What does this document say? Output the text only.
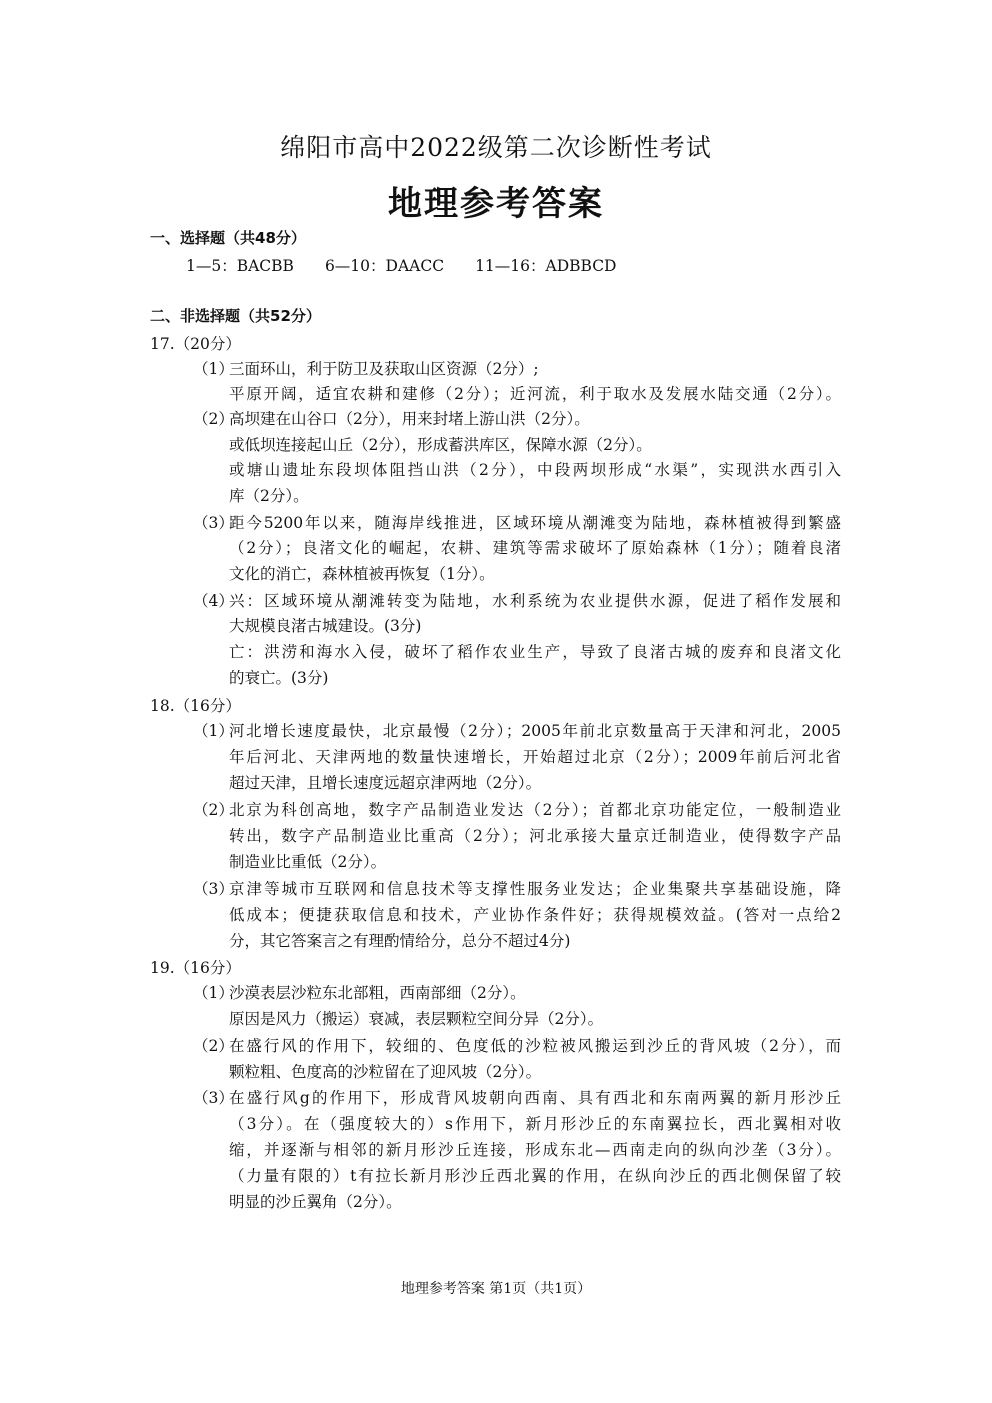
绵阳市高中2022级第二次诊断性考试
地理参考答案
一、选择题（共48分）
1—5：BACBB　　6—10：DAACC　　11—16：ADBBCD
二、非选择题（共52分）
17.（20分）
（1）
三面环山，利于防卫及获取山区资源（2分）;
平原开阔，适宜农耕和建修（2分）；近河流，利于取水及发展水陆交通（2分）。
（2）
高坝建在山谷口（2分），用来封堵上游山洪（2分）。
或低坝连接起山丘（2分），形成蓄洪库区，保障水源（2分）。
或塘山遗址东段坝体阻挡山洪（2分），中段两坝形成“水渠”，实现洪水西引入
库（2分）。
（3）
距今5200年以来，随海岸线推进，区域环境从潮滩变为陆地，森林植被得到繁盛
（2分）；良渚文化的崛起，农耕、建筑等需求破坏了原始森林（1分）；随着良渚
文化的消亡，森林植被再恢复（1分）。
（4）
兴：区域环境从潮滩转变为陆地，水利系统为农业提供水源，促进了稻作发展和
大规模良渚古城建设。(3分)
亡：洪涝和海水入侵，破坏了稻作农业生产，导致了良渚古城的废弃和良渚文化
的衰亡。(3分)
18.（16分）
（1）
河北增长速度最快，北京最慢（2分）；2005年前北京数量高于天津和河北，2005
年后河北、天津两地的数量快速增长，开始超过北京（2分）；2009年前后河北省
超过天津，且增长速度远超京津两地（2分）。
（2）
北京为科创高地，数字产品制造业发达（2分）；首都北京功能定位，一般制造业
转出，数字产品制造业比重高（2分）；河北承接大量京迁制造业，使得数字产品
制造业比重低（2分）。
（3）
京津等城市互联网和信息技术等支撑性服务业发达；企业集聚共享基础设施，降
低成本；便捷获取信息和技术，产业协作条件好；获得规模效益。(答对一点给2
分，其它答案言之有理酌情给分，总分不超过4分)
19.（16分）
（1）
沙漠表层沙粒东北部粗，西南部细（2分）。
原因是风力（搬运）衰减，表层颗粒空间分异（2分）。
（2）
在盛行风的作用下，较细的、色度低的沙粒被风搬运到沙丘的背风坡（2分），而
颗粒粗、色度高的沙粒留在了迎风坡（2分）。
（3）
在盛行风g的作用下，形成背风坡朝向西南、具有西北和东南两翼的新月形沙丘
（3分）。在（强度较大的）s作用下，新月形沙丘的东南翼拉长，西北翼相对收
缩，并逐渐与相邻的新月形沙丘连接，形成东北—西南走向的纵向沙垄（3分）。
（力量有限的）t有拉长新月形沙丘西北翼的作用，在纵向沙丘的西北侧保留了较
明显的沙丘翼角（2分）。
地理参考答案 第1页（共1页）
